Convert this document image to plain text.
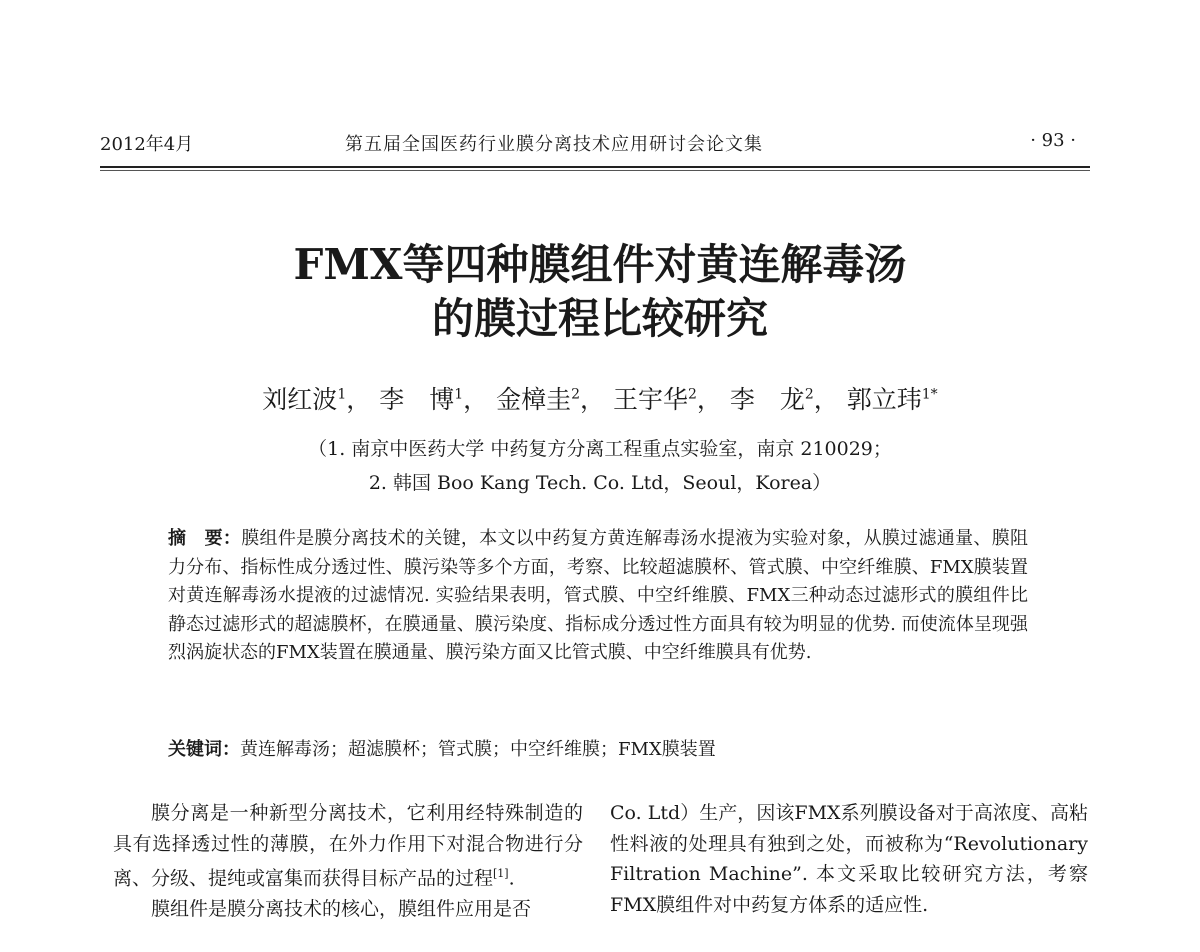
2012年4月	第五届全国医药行业膜分离技术应用研讨会论文集	· 93 ·
FMX等四种膜组件对黄连解毒汤
的膜过程比较研究
刘红波$^1$， 李　博$^1$， 金樟圭$^2$， 王宇华$^2$， 李　龙$^2$， 郭立玮$^{1*}$
（1. 南京中医药大学 中药复方分离工程重点实验室，南京 210029；
2. 韩国 Boo Kang Tech. Co. Ltd，Seoul，Korea）
摘　要：膜组件是膜分离技术的关键，本文以中药复方黄连解毒汤水提液为实验对象，从膜过滤通量、膜阻力分布、指标性成分透过性、膜污染等多个方面，考察、比较超滤膜杯、管式膜、中空纤维膜、FMX膜装置对黄连解毒汤水提液的过滤情况. 实验结果表明，管式膜、中空纤维膜、FMX三种动态过滤形式的膜组件比静态过滤形式的超滤膜杯，在膜通量、膜污染度、指标成分透过性方面具有较为明显的优势. 而使流体呈现强烈涡旋状态的FMX装置在膜通量、膜污染方面又比管式膜、中空纤维膜具有优势.
关键词：黄连解毒汤；超滤膜杯；管式膜；中空纤维膜；FMX膜装置

膜分离是一种新型分离技术，它利用经特殊制造的具有选择透过性的薄膜，在外力作用下对混合物进行分离、分级、提纯或富集而获得目标产品的过程[1].

膜组件是膜分离技术的核心，膜组件应用是否

Co. Ltd）生产，因该FMX系列膜设备对于高浓度、高粘性料液的处理具有独到之处，而被称为“Revolutionary Filtration Machine”. 本文采取比较研究方法，考察FMX膜组件对中药复方体系的适应性.
